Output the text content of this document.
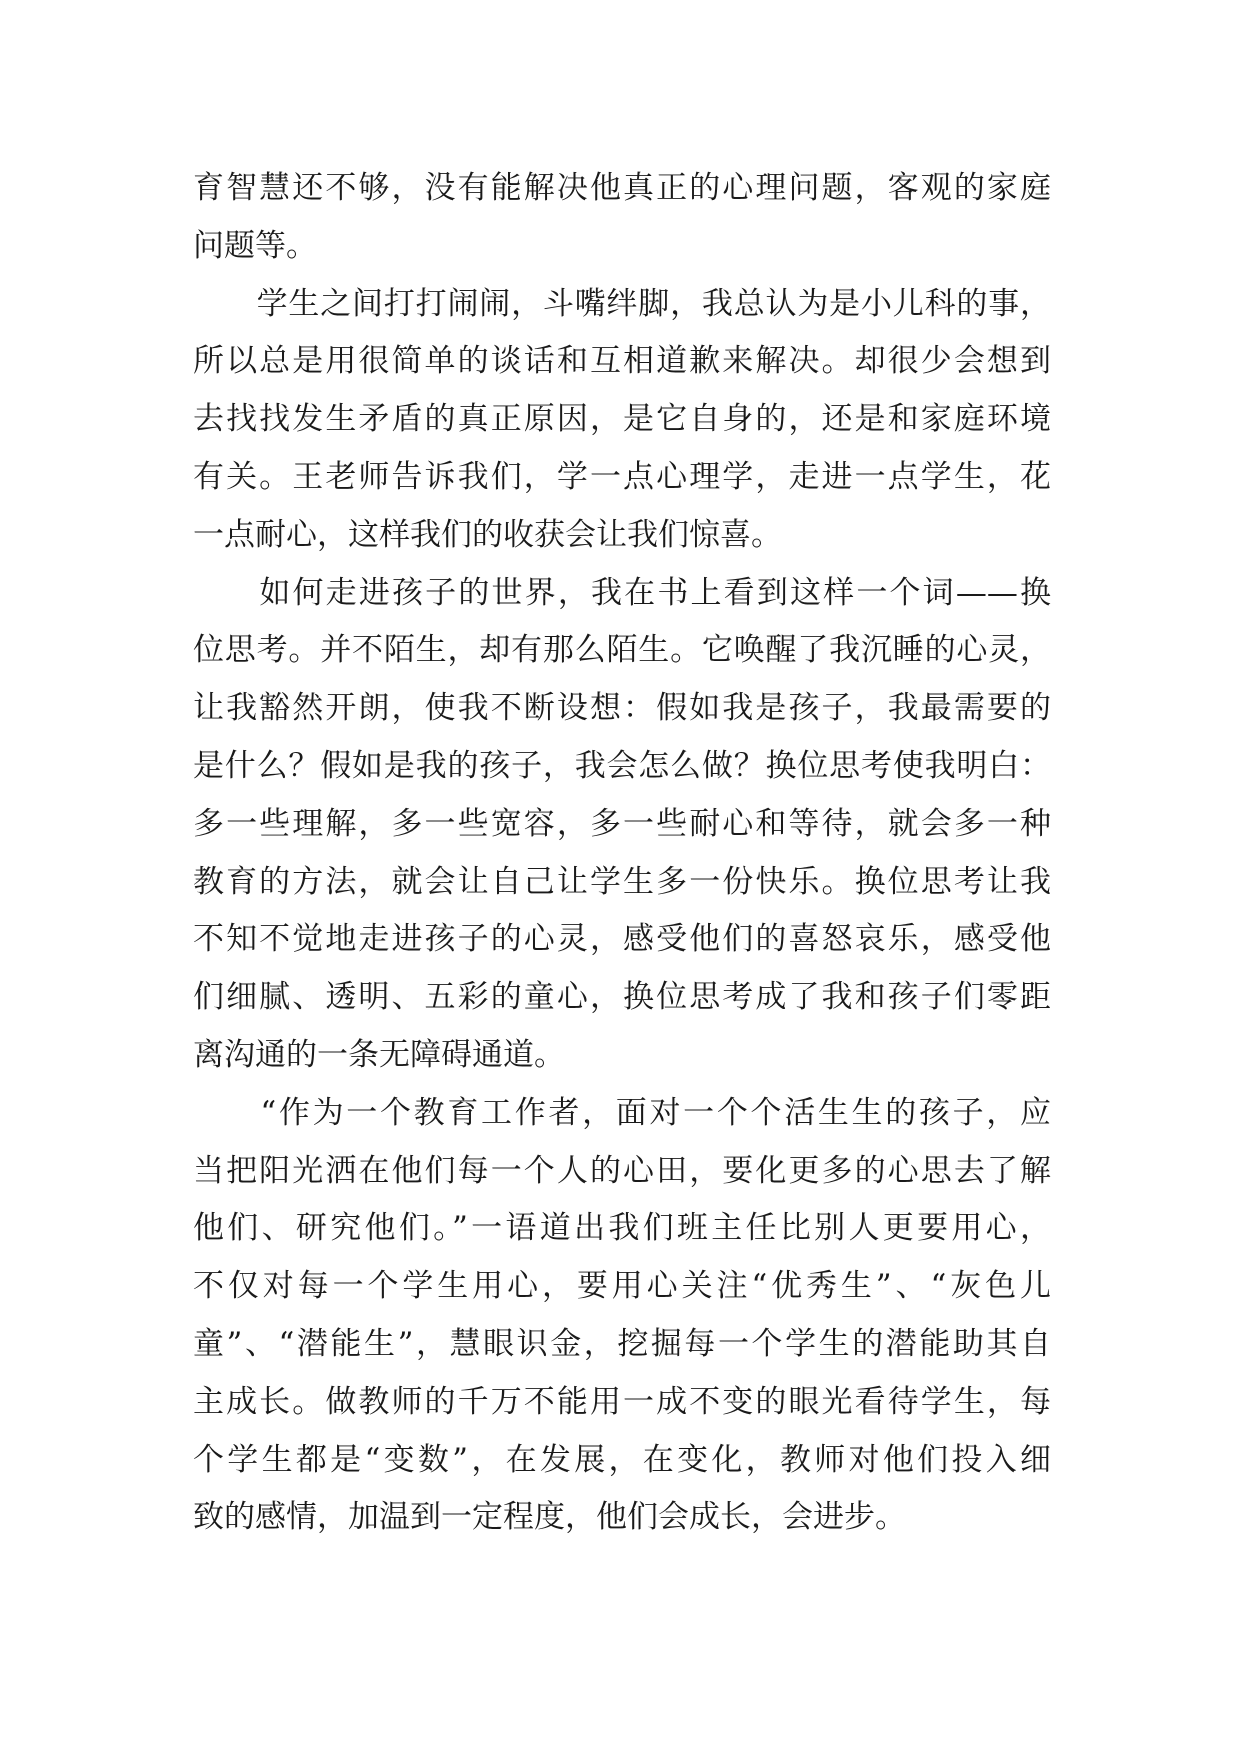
育智慧还不够，没有能解决他真正的心理问题，客观的家庭
问题等。
　　学生之间打打闹闹，斗嘴绊脚，我总认为是小儿科的事，
所以总是用很简单的谈话和互相道歉来解决。却很少会想到
去找找发生矛盾的真正原因，是它自身的，还是和家庭环境
有关。王老师告诉我们，学一点心理学，走进一点学生，花
一点耐心，这样我们的收获会让我们惊喜。
　　如何走进孩子的世界，我在书上看到这样一个词——换
位思考。并不陌生，却有那么陌生。它唤醒了我沉睡的心灵，
让我豁然开朗，使我不断设想：假如我是孩子，我最需要的
是什么？假如是我的孩子，我会怎么做？换位思考使我明白：
多一些理解，多一些宽容，多一些耐心和等待，就会多一种
教育的方法，就会让自己让学生多一份快乐。换位思考让我
不知不觉地走进孩子的心灵，感受他们的喜怒哀乐，感受他
们细腻、透明、五彩的童心，换位思考成了我和孩子们零距
离沟通的一条无障碍通道。
　　“作为一个教育工作者，面对一个个活生生的孩子，应
当把阳光洒在他们每一个人的心田，要化更多的心思去了解
他们、研究他们。”一语道出我们班主任比别人更要用心，
不仅对每一个学生用心，要用心关注“优秀生”、“灰色儿
童”、“潜能生”，慧眼识金，挖掘每一个学生的潜能助其自
主成长。做教师的千万不能用一成不变的眼光看待学生，每
个学生都是“变数”，在发展，在变化，教师对他们投入细
致的感情，加温到一定程度，他们会成长，会进步。
